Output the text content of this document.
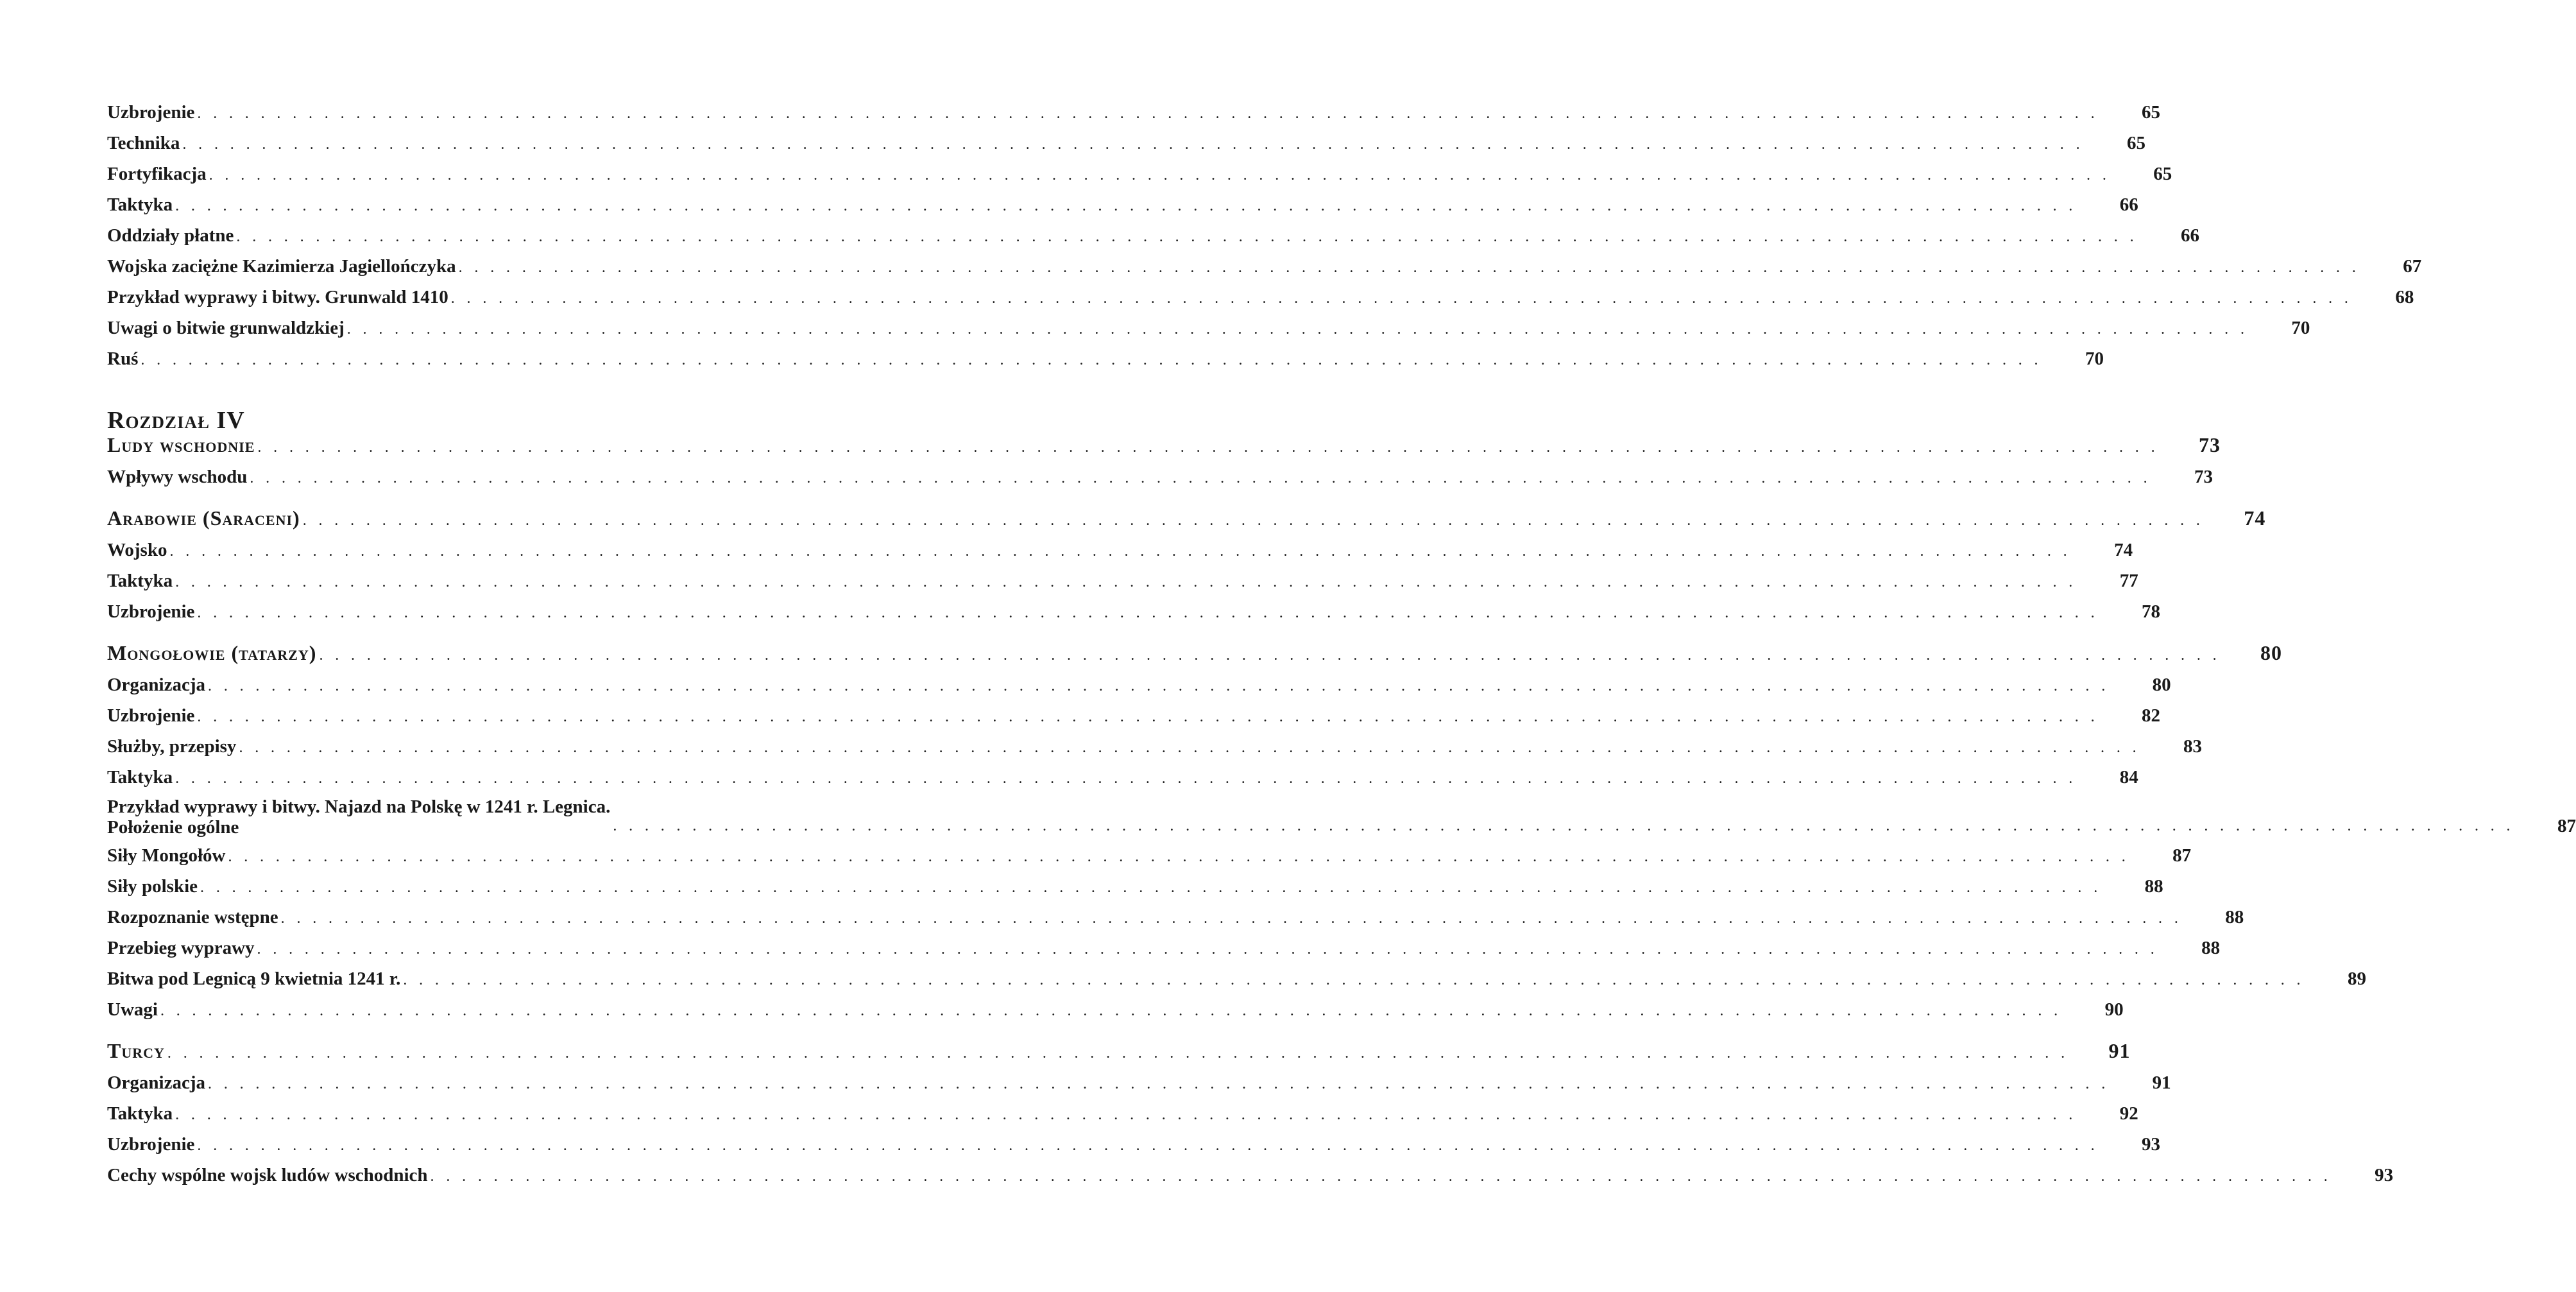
Uzbrojenie . . . . . . . . . . . . . . . . . . . . . . . . . . . . . . . . . . . . . . . . . . . . . . . . . . . . . . . . . . . . . . . . . . . . . . . . . . . . . . . . . . . . . . . . . . . . . . . . . . . . . . . . . . . . . . . . . . . . . . . .	65
Technika . . . . . . . . . . . . . . . . . . . . . . . . . . . . . . . . . . . . . . . . . . . . . . . . . . . . . . . . . . . . . . . . . . . . . . . . . . . . . . . . . . . . . . . . . . . . . . . . . . . . . . . . . . . . . . . . . . . . . . . .	65
Fortyfikacja . . . . . . . . . . . . . . . . . . . . . . . . . . . . . . . . . . . . . . . . . . . . . . . . . . . . . . . . . . . . . . . . . . . . . . . . . . . . . . . . . . . . . . . . . . . . . . . . . . . . . . . . . . . . . . . . . . . . . . . .	65
Taktyka . . . . . . . . . . . . . . . . . . . . . . . . . . . . . . . . . . . . . . . . . . . . . . . . . . . . . . . . . . . . . . . . . . . . . . . . . . . . . . . . . . . . . . . . . . . . . . . . . . . . . . . . . . . . . . . . . . . . . . . .	66
Oddziały płatne . . . . . . . . . . . . . . . . . . . . . . . . . . . . . . . . . . . . . . . . . . . . . . . . . . . . . . . . . . . . . . . . . . . . . . . . . . . . . . . . . . . . . . . . . . . . . . . . . . . . . . . . . . . . . . . . . . . . . . . .	66
Wojska zaciężne Kazimierza Jagiellończyka . . . . . . . . . . . . . . . . . . . . . . . . . . . . . . . . . . . . . . . . . . . . . . . . . . . . . . . . . . . . . . . . . . . . . . . . . . . . . . . . . . . . . . . . . . . . . . . . . . . . . . . . . . . . . . . . . . . . . . . .	67
Przykład wyprawy i bitwy. Grunwald 1410 . . . . . . . . . . . . . . . . . . . . . . . . . . . . . . . . . . . . . . . . . . . . . . . . . . . . . . . . . . . . . . . . . . . . . . . . . . . . . . . . . . . . . . . . . . . . . . . . . . . . . . . . . . . . . . . . . . . . . . . .	68
Uwagi o bitwie grunwaldzkiej . . . . . . . . . . . . . . . . . . . . . . . . . . . . . . . . . . . . . . . . . . . . . . . . . . . . . . . . . . . . . . . . . . . . . . . . . . . . . . . . . . . . . . . . . . . . . . . . . . . . . . . . . . . . . . . . . . . . . . . .	70
Ruś . . . . . . . . . . . . . . . . . . . . . . . . . . . . . . . . . . . . . . . . . . . . . . . . . . . . . . . . . . . . . . . . . . . . . . . . . . . . . . . . . . . . . . . . . . . . . . . . . . . . . . . . . . . . . . . . . . . . . . . .	70
Rozdział IV
Ludy wschodnie . . . . . . . . . . . . . . . . . . . . . . . . . . . . . . . . . . . . . . . . . . . . . . . . . . . . . . . . . . . . . . . . . . . . . . . . . . . . . . . . . . . . . . . . . . . . . . . . . . . . . . . . . . . . . . . . . . . . . . . .	73
Wpływy wschodu . . . . . . . . . . . . . . . . . . . . . . . . . . . . . . . . . . . . . . . . . . . . . . . . . . . . . . . . . . . . . . . . . . . . . . . . . . . . . . . . . . . . . . . . . . . . . . . . . . . . . . . . . . . . . . . . . . . . . . . .	73
Arabowie (Saraceni) . . . . . . . . . . . . . . . . . . . . . . . . . . . . . . . . . . . . . . . . . . . . . . . . . . . . . . . . . . . . . . . . . . . . . . . . . . . . . . . . . . . . . . . . . . . . . . . . . . . . . . . . . . . . . . . . . . . . . . . .	74
Wojsko . . . . . . . . . . . . . . . . . . . . . . . . . . . . . . . . . . . . . . . . . . . . . . . . . . . . . . . . . . . . . . . . . . . . . . . . . . . . . . . . . . . . . . . . . . . . . . . . . . . . . . . . . . . . . . . . . . . . . . . .	74
Taktyka . . . . . . . . . . . . . . . . . . . . . . . . . . . . . . . . . . . . . . . . . . . . . . . . . . . . . . . . . . . . . . . . . . . . . . . . . . . . . . . . . . . . . . . . . . . . . . . . . . . . . . . . . . . . . . . . . . . . . . . .	77
Uzbrojenie . . . . . . . . . . . . . . . . . . . . . . . . . . . . . . . . . . . . . . . . . . . . . . . . . . . . . . . . . . . . . . . . . . . . . . . . . . . . . . . . . . . . . . . . . . . . . . . . . . . . . . . . . . . . . . . . . . . . . . . .	78
Mongołowie (tatarzy) . . . . . . . . . . . . . . . . . . . . . . . . . . . . . . . . . . . . . . . . . . . . . . . . . . . . . . . . . . . . . . . . . . . . . . . . . . . . . . . . . . . . . . . . . . . . . . . . . . . . . . . . . . . . . . . . . . . . . . . .	80
Organizacja . . . . . . . . . . . . . . . . . . . . . . . . . . . . . . . . . . . . . . . . . . . . . . . . . . . . . . . . . . . . . . . . . . . . . . . . . . . . . . . . . . . . . . . . . . . . . . . . . . . . . . . . . . . . . . . . . . . . . . . .	80
Uzbrojenie . . . . . . . . . . . . . . . . . . . . . . . . . . . . . . . . . . . . . . . . . . . . . . . . . . . . . . . . . . . . . . . . . . . . . . . . . . . . . . . . . . . . . . . . . . . . . . . . . . . . . . . . . . . . . . . . . . . . . . . .	82
Służby, przepisy . . . . . . . . . . . . . . . . . . . . . . . . . . . . . . . . . . . . . . . . . . . . . . . . . . . . . . . . . . . . . . . . . . . . . . . . . . . . . . . . . . . . . . . . . . . . . . . . . . . . . . . . . . . . . . . . . . . . . . . .	83
Taktyka . . . . . . . . . . . . . . . . . . . . . . . . . . . . . . . . . . . . . . . . . . . . . . . . . . . . . . . . . . . . . . . . . . . . . . . . . . . . . . . . . . . . . . . . . . . . . . . . . . . . . . . . . . . . . . . . . . . . . . . .	84
Przykład wyprawy i bitwy. Najazd na Polskę w 1241 r. Legnica.
Położenie ogólne	. . . . . . . . . . . . . . . . . . . . . . . . . . . . . . . . . . . . . . . . . . . . . . . . . . . . . . . . . . . . . . . . . . . . . . . . . . . . . . . . . . . . . . . . . . . . . . . . . . . . . . . . . . . . . . . . . . . . . . . .	87
Siły Mongołów . . . . . . . . . . . . . . . . . . . . . . . . . . . . . . . . . . . . . . . . . . . . . . . . . . . . . . . . . . . . . . . . . . . . . . . . . . . . . . . . . . . . . . . . . . . . . . . . . . . . . . . . . . . . . . . . . . . . . . . .	87
Siły polskie . . . . . . . . . . . . . . . . . . . . . . . . . . . . . . . . . . . . . . . . . . . . . . . . . . . . . . . . . . . . . . . . . . . . . . . . . . . . . . . . . . . . . . . . . . . . . . . . . . . . . . . . . . . . . . . . . . . . . . . .	88
Rozpoznanie wstępne . . . . . . . . . . . . . . . . . . . . . . . . . . . . . . . . . . . . . . . . . . . . . . . . . . . . . . . . . . . . . . . . . . . . . . . . . . . . . . . . . . . . . . . . . . . . . . . . . . . . . . . . . . . . . . . . . . . . . . . .	88
Przebieg wyprawy . . . . . . . . . . . . . . . . . . . . . . . . . . . . . . . . . . . . . . . . . . . . . . . . . . . . . . . . . . . . . . . . . . . . . . . . . . . . . . . . . . . . . . . . . . . . . . . . . . . . . . . . . . . . . . . . . . . . . . . .	88
Bitwa pod Legnicą 9 kwietnia 1241 r. . . . . . . . . . . . . . . . . . . . . . . . . . . . . . . . . . . . . . . . . . . . . . . . . . . . . . . . . . . . . . . . . . . . . . . . . . . . . . . . . . . . . . . . . . . . . . . . . . . . . . . . . . . . . . . . . . . . . . . . .	89
Uwagi . . . . . . . . . . . . . . . . . . . . . . . . . . . . . . . . . . . . . . . . . . . . . . . . . . . . . . . . . . . . . . . . . . . . . . . . . . . . . . . . . . . . . . . . . . . . . . . . . . . . . . . . . . . . . . . . . . . . . . . .	90
Turcy . . . . . . . . . . . . . . . . . . . . . . . . . . . . . . . . . . . . . . . . . . . . . . . . . . . . . . . . . . . . . . . . . . . . . . . . . . . . . . . . . . . . . . . . . . . . . . . . . . . . . . . . . . . . . . . . . . . . . . . .	91
Organizacja . . . . . . . . . . . . . . . . . . . . . . . . . . . . . . . . . . . . . . . . . . . . . . . . . . . . . . . . . . . . . . . . . . . . . . . . . . . . . . . . . . . . . . . . . . . . . . . . . . . . . . . . . . . . . . . . . . . . . . . .	91
Taktyka . . . . . . . . . . . . . . . . . . . . . . . . . . . . . . . . . . . . . . . . . . . . . . . . . . . . . . . . . . . . . . . . . . . . . . . . . . . . . . . . . . . . . . . . . . . . . . . . . . . . . . . . . . . . . . . . . . . . . . . .	92
Uzbrojenie . . . . . . . . . . . . . . . . . . . . . . . . . . . . . . . . . . . . . . . . . . . . . . . . . . . . . . . . . . . . . . . . . . . . . . . . . . . . . . . . . . . . . . . . . . . . . . . . . . . . . . . . . . . . . . . . . . . . . . . .	93
Cechy wspólne wojsk ludów wschodnich . . . . . . . . . . . . . . . . . . . . . . . . . . . . . . . . . . . . . . . . . . . . . . . . . . . . . . . . . . . . . . . . . . . . . . . . . . . . . . . . . . . . . . . . . . . . . . . . . . . . . . . . . . . . . . . . . . . . . . . .	93
